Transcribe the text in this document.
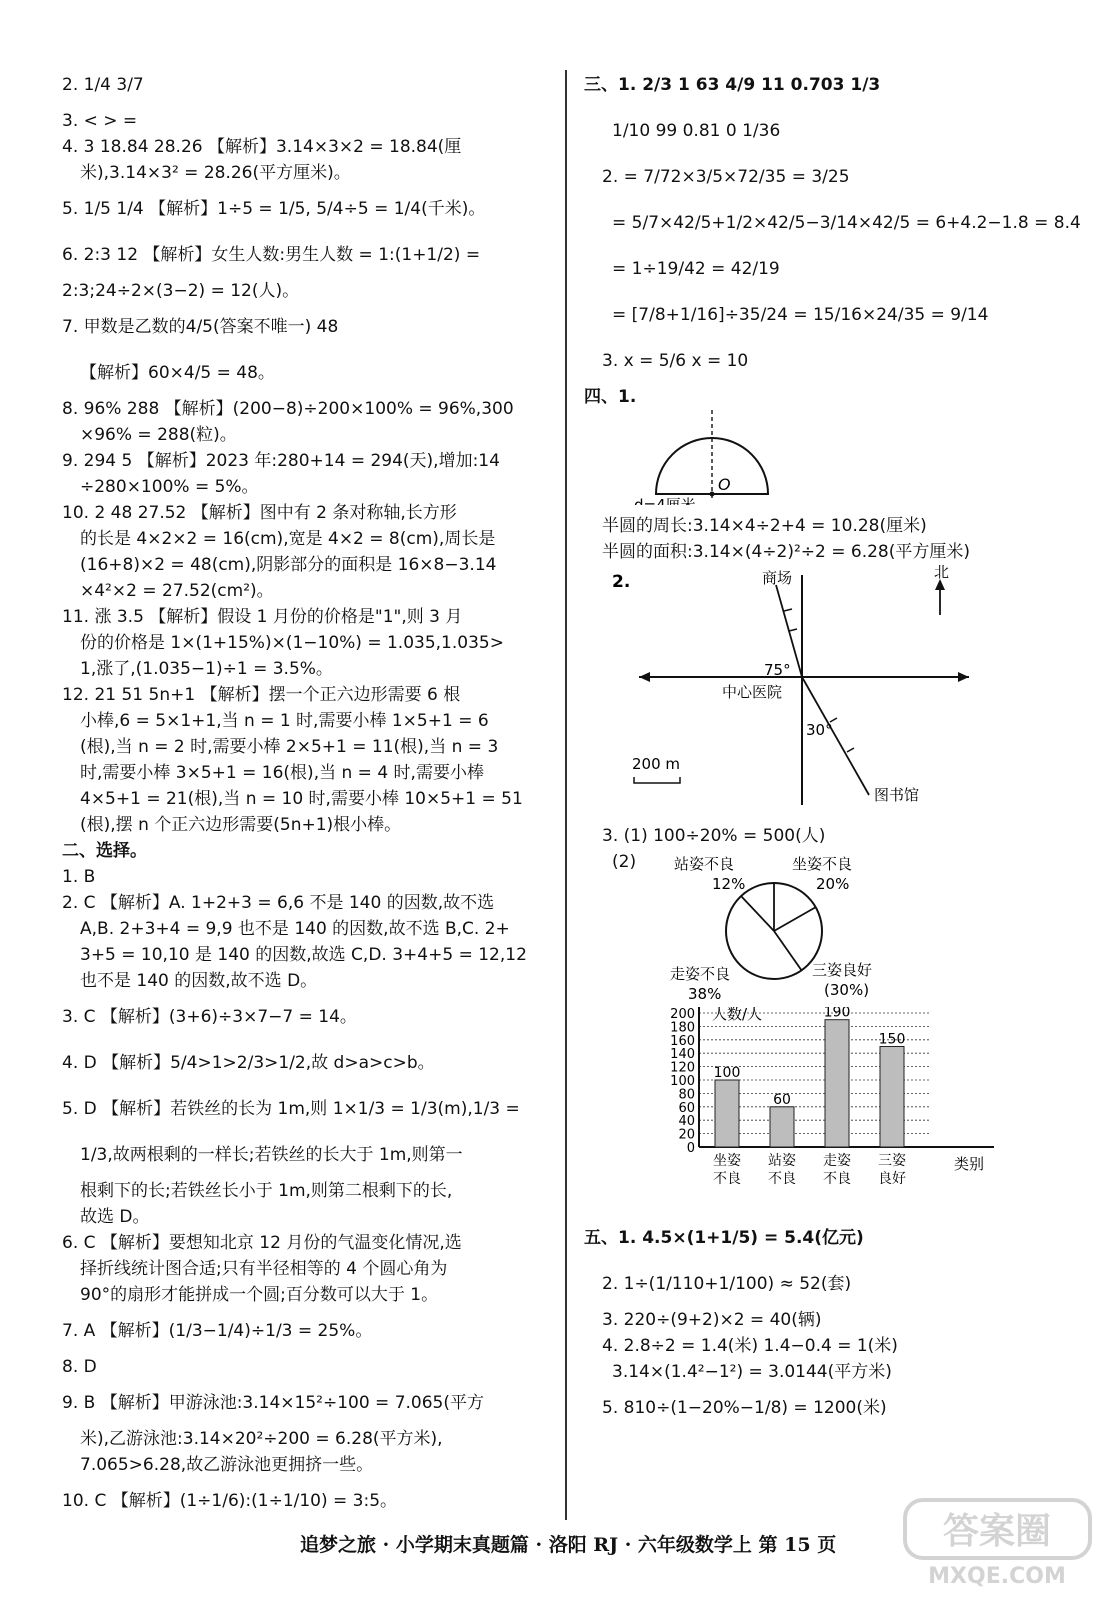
2. 1/4 3/7

3. < > =

4. 3 18.84 28.26 【解析】3.14×3×2 = 18.84(厘

米),3.14×3² = 28.26(平方厘米)。

5. 1/5 1/4 【解析】1÷5 = 1/5, 5/4÷5 = 1/4(千米)。

6. 2:3 12 【解析】女生人数:男生人数 = 1:(1+1/2) =

2:3;24÷2×(3−2) = 12(人)。

7. 甲数是乙数的4/5(答案不唯一) 48

【解析】60×4/5 = 48。

8. 96% 288 【解析】(200−8)÷200×100% = 96%,300

×96% = 288(粒)。

9. 294 5 【解析】2023 年:280+14 = 294(天),增加:14

÷280×100% = 5%。

10. 2 48 27.52 【解析】图中有 2 条对称轴,长方形

的长是 4×2×2 = 16(cm),宽是 4×2 = 8(cm),周长是

(16+8)×2 = 48(cm),阴影部分的面积是 16×8−3.14

×4²×2 = 27.52(cm²)。

11. 涨 3.5 【解析】假设 1 月份的价格是"1",则 3 月

份的价格是 1×(1+15%)×(1−10%) = 1.035,1.035>

1,涨了,(1.035−1)÷1 = 3.5%。

12. 21 51 5n+1 【解析】摆一个正六边形需要 6 根

小棒,6 = 5×1+1,当 n = 1 时,需要小棒 1×5+1 = 6

(根),当 n = 2 时,需要小棒 2×5+1 = 11(根),当 n = 3

时,需要小棒 3×5+1 = 16(根),当 n = 4 时,需要小棒

4×5+1 = 21(根),当 n = 10 时,需要小棒 10×5+1 = 51

(根),摆 n 个正六边形需要(5n+1)根小棒。

二、选择。

1. B

2. C 【解析】A. 1+2+3 = 6,6 不是 140 的因数,故不选

A,B. 2+3+4 = 9,9 也不是 140 的因数,故不选 B,C. 2+

3+5 = 10,10 是 140 的因数,故选 C,D. 3+4+5 = 12,12

也不是 140 的因数,故不选 D。

3. C 【解析】(3+6)÷3×7−7 = 14。

4. D 【解析】5/4>1>2/3>1/2,故 d>a>c>b。

5. D 【解析】若铁丝的长为 1m,则 1×1/3 = 1/3(m),1/3 =

1/3,故两根剩的一样长;若铁丝的长大于 1m,则第一

根剩下的长;若铁丝长小于 1m,则第二根剩下的长,

故选 D。

6. C 【解析】要想知北京 12 月份的气温变化情况,选

择折线统计图合适;只有半径相等的 4 个圆心角为

90°的扇形才能拼成一个圆;百分数可以大于 1。

7. A 【解析】(1/3−1/4)÷1/3 = 25%。

8. D

9. B 【解析】甲游泳池:3.14×15²÷100 = 7.065(平方

米),乙游泳池:3.14×20²÷200 = 6.28(平方米),

7.065>6.28,故乙游泳池更拥挤一些。

10. C 【解析】(1÷1/6):(1÷1/10) = 3:5。

三、1. 2/3 1 63 4/9 11 0.703 1/3

1/10 99 0.81 0 1/36

2. = 7/72×3/5×72/35 = 3/25

= 5/7×42/5+1/2×42/5−3/14×42/5 = 6+4.2−1.8 = 8.4

= 1÷19/42 = 42/19

= [7/8+1/16]÷35/24 = 15/16×24/35 = 9/14

3. x = 5/6 x = 10

四、1.

O
d=4厘米

半圆的周长:3.14×4÷2+4 = 10.28(厘米)

半圆的面积:3.14×(4÷2)²÷2 = 6.28(平方厘米)

2.	商场
图书馆
75°
30°
中心医院
北
200 m

3. (1) 100÷20% = 500(人)

(2)	站姿不良
12%
坐姿不良
20%
走姿不良
38%
三姿良好
(30%)

0
20
40
60
80
100
120
140
160
180
200
100
坐姿
不良
60
站姿
不良
190
走姿
不良
150
三姿
良好
人数/人
类别

五、1. 4.5×(1+1/5) = 5.4(亿元)

2. 1÷(1/110+1/100) ≈ 52(套)

3. 220÷(9+2)×2 = 40(辆)

4. 2.8÷2 = 1.4(米) 1.4−0.4 = 1(米)

3.14×(1.4²−1²) = 3.0144(平方米)

5. 810÷(1−20%−1/8) = 1200(米)

追梦之旅 · 小学期末真题篇 · 洛阳 RJ · 六年级数学上 第 15 页	答案圈
MXQE.COM
